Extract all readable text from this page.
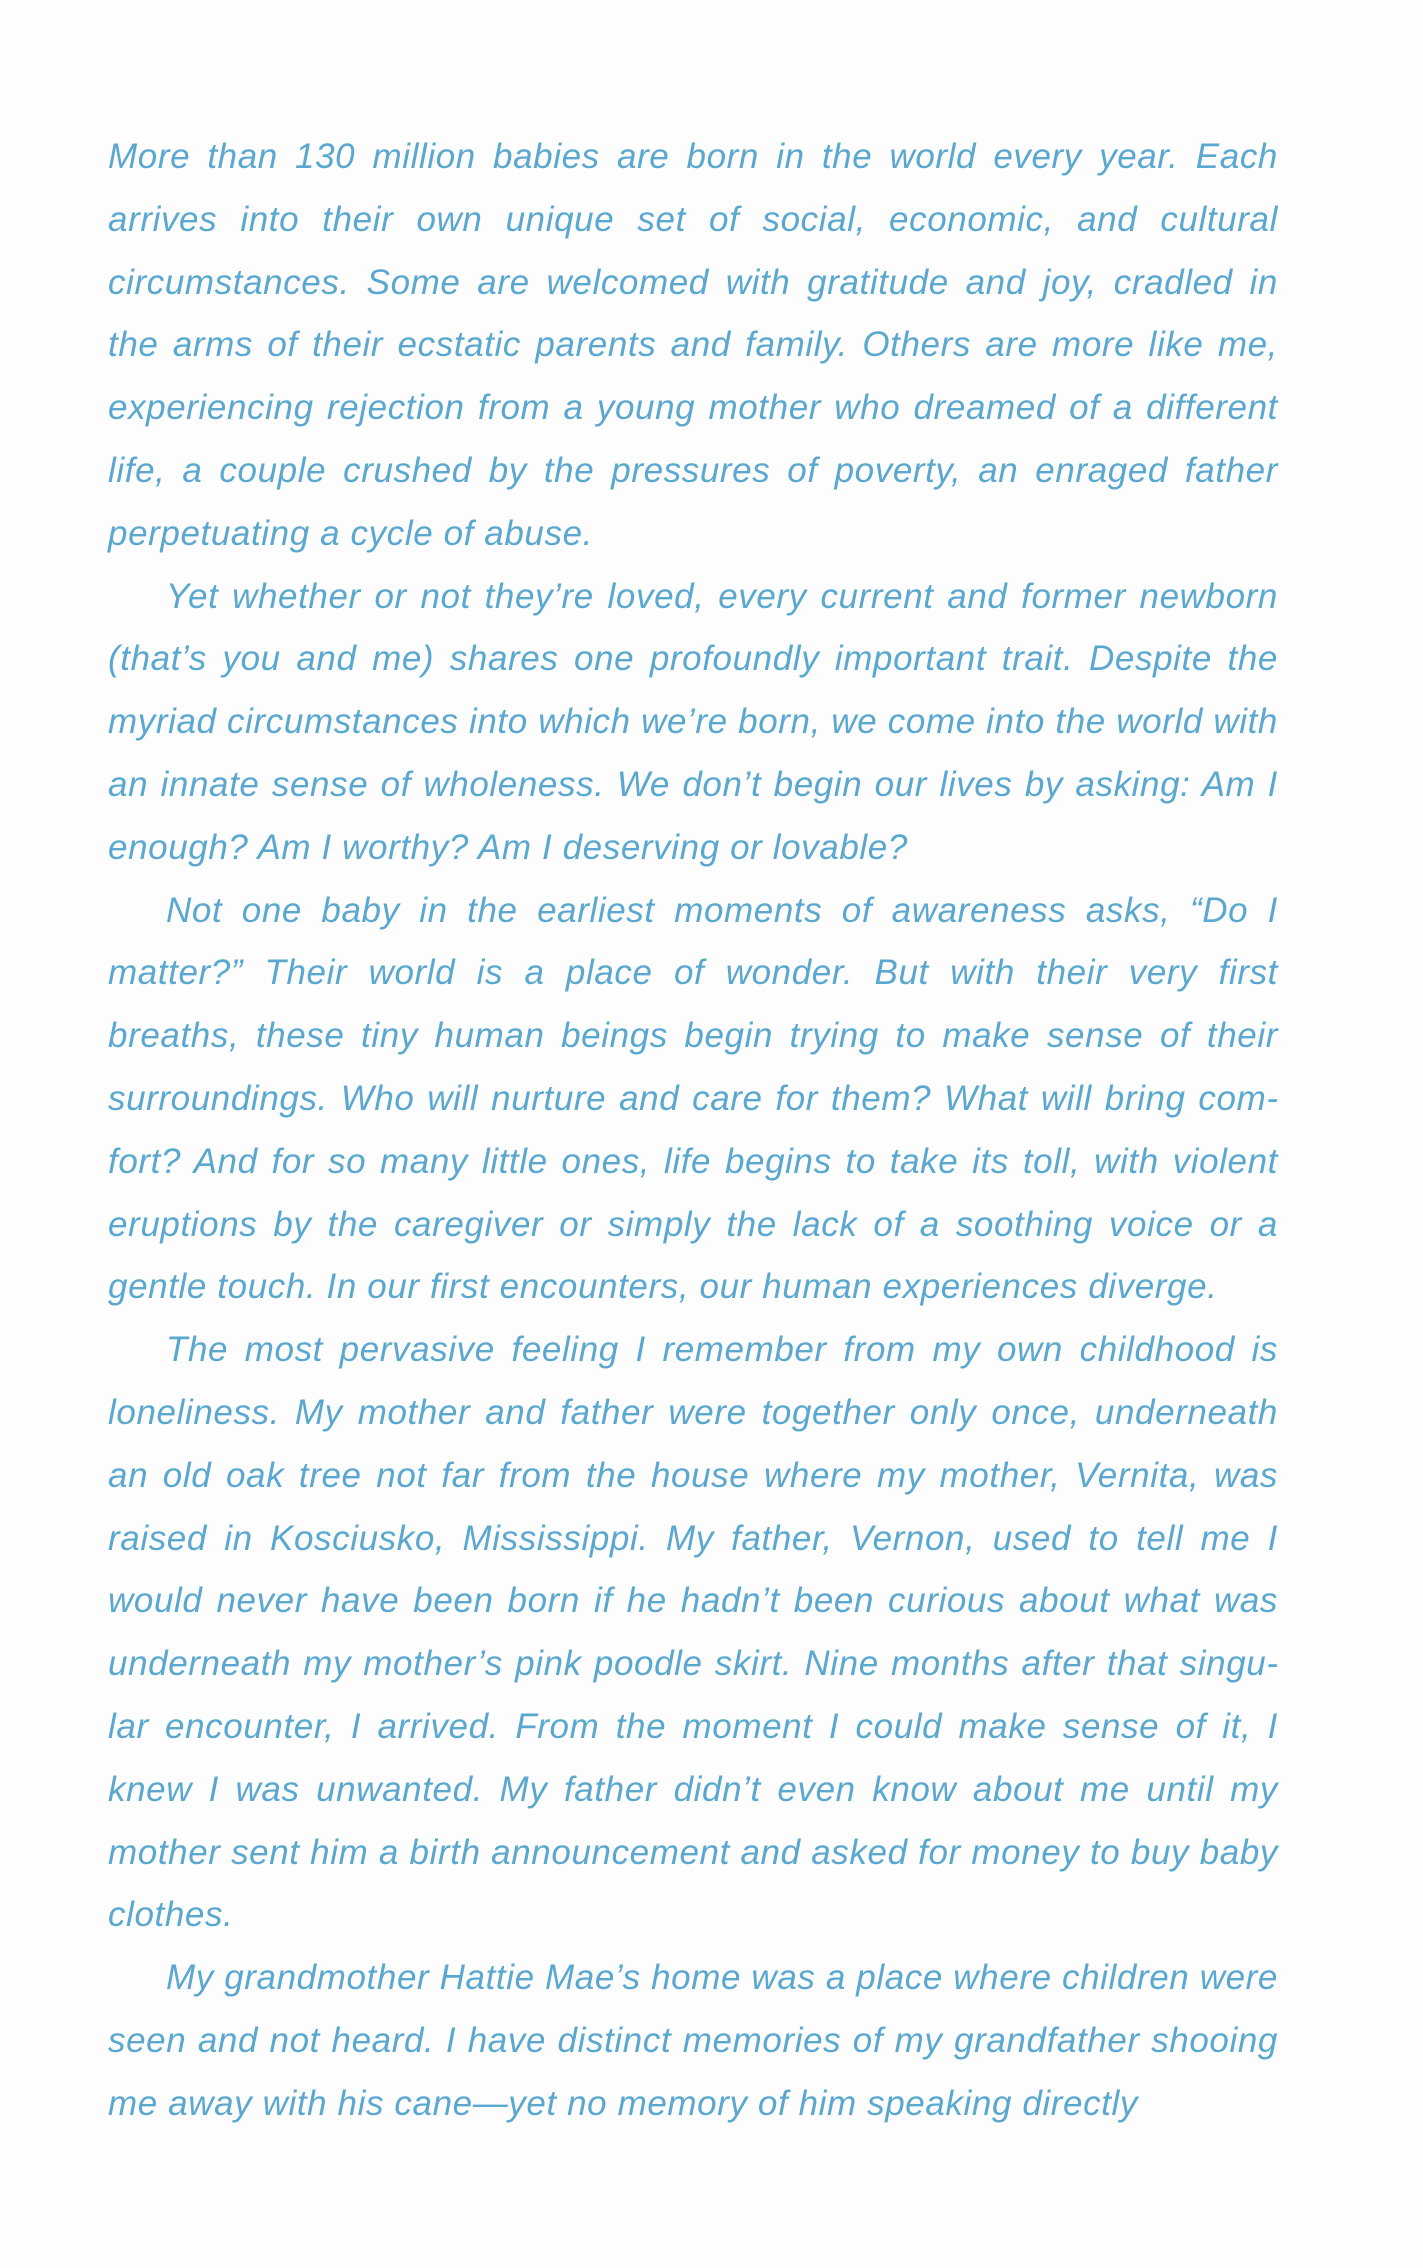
More than 130 million babies are born in the world every year. Each arrives into their own unique set of social, economic, and cultural circumstances. Some are welcomed with gratitude and joy, cradled in the arms of their ecstatic parents and family. Others are more like me, experiencing rejection from a young mother who dreamed of a different life, a couple crushed by the pressures of poverty, an enraged father perpetuating a cycle of abuse.

Yet whether or not they’re loved, every current and former newborn (that’s you and me) shares one profoundly important trait. Despite the myriad circumstances into which we’re born, we come into the world with an innate sense of wholeness. We don’t begin our lives by asking: Am I enough? Am I worthy? Am I deserving or lovable?

Not one baby in the earliest moments of awareness asks, “Do I matter?” Their world is a place of wonder. But with their very first breaths, these tiny human beings begin trying to make sense of their surroundings. Who will nurture and care for them? What will bring comfort? And for so many little ones, life begins to take its toll, with violent eruptions by the caregiver or simply the lack of a soothing voice or a gentle touch. In our first encounters, our human experiences diverge.

The most pervasive feeling I remember from my own childhood is loneliness. My mother and father were together only once, underneath an old oak tree not far from the house where my mother, Vernita, was raised in Kosciusko, Mississippi. My father, Vernon, used to tell me I would never have been born if he hadn’t been curious about what was underneath my mother’s pink poodle skirt. Nine months after that singular encounter, I arrived. From the moment I could make sense of it, I knew I was unwanted. My father didn’t even know about me until my mother sent him a birth announcement and asked for money to buy baby clothes.

My grandmother Hattie Mae’s home was a place where children were seen and not heard. I have distinct memories of my grandfather shooing me away with his cane—yet no memory of him speaking directly
